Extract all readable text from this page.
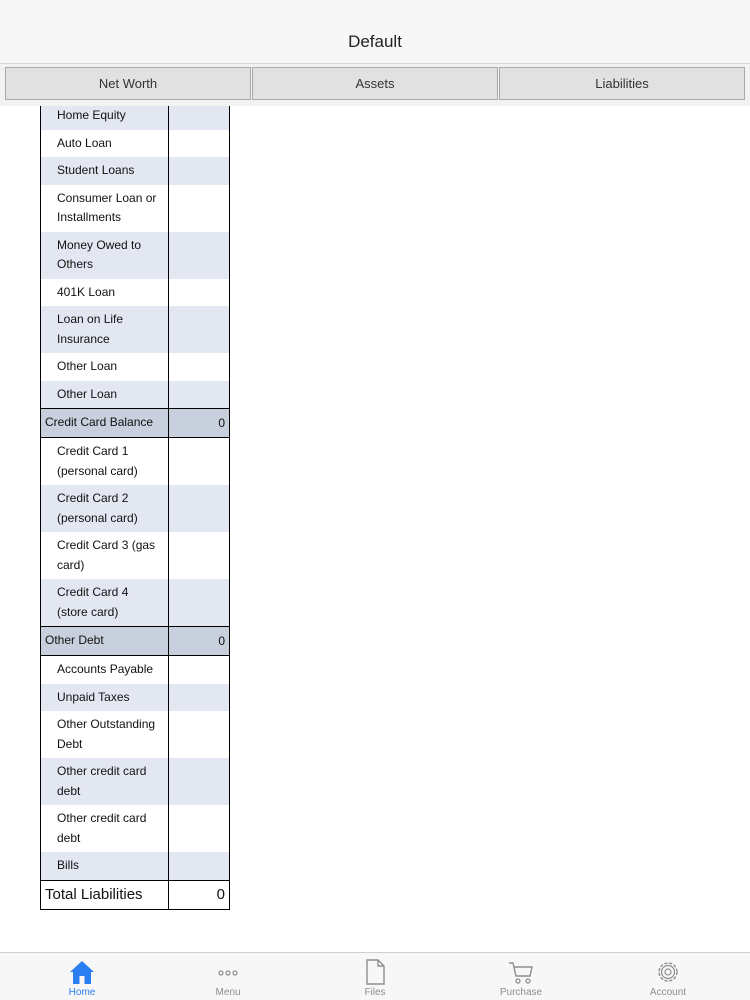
Default
Net Worth	Assets	Liabilities
Home Equity	
Auto Loan	
Student Loans	
Consumer Loan or Installments	
Money Owed to Others	
401K Loan	
Loan on Life Insurance	
Other Loan	
Other Loan	
Credit Card Balance	0
Credit Card 1 (personal card)	
Credit Card 2 (personal card)	
Credit Card 3 (gas card)	
Credit Card 4 (store card)	
Other Debt	0
Accounts Payable	
Unpaid Taxes	
Other Outstanding Debt	
Other credit card debt	
Other credit card debt	
Bills	
Total Liabilities	0
Home	Menu	Files	Purchase	Account
